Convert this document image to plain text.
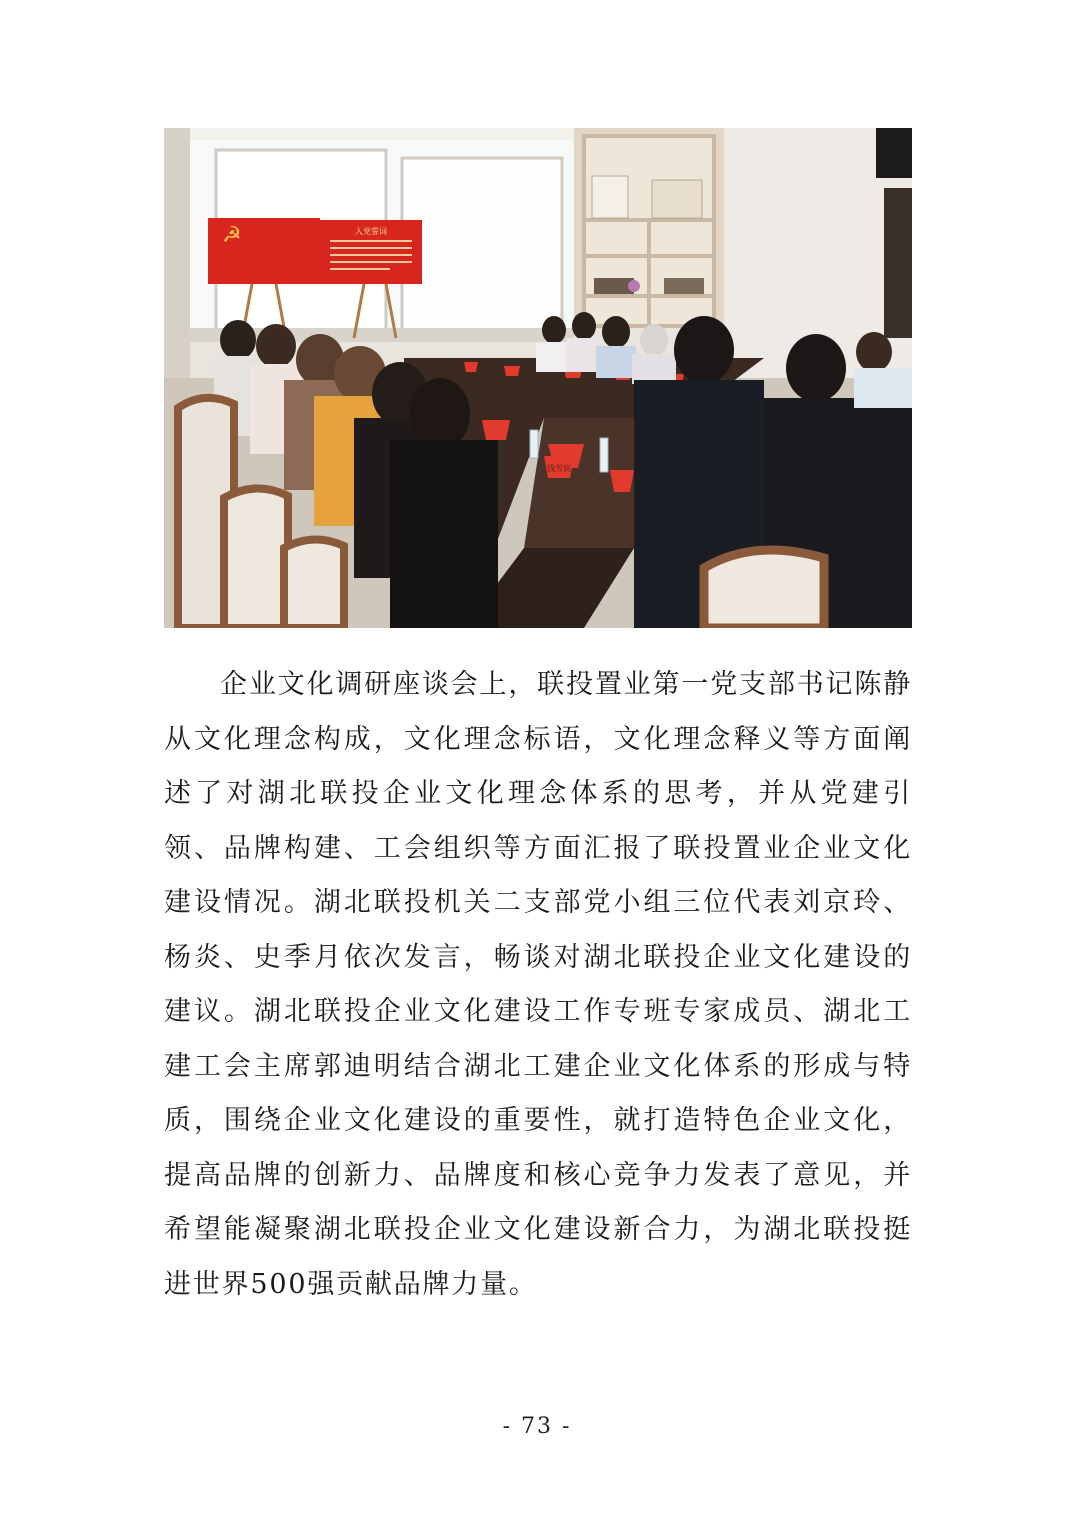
☭	入党誓词
钱雪宸

企业文化调研座谈会上，联投置业第一党支部书记陈静从文化理念构成，文化理念标语，文化理念释义等方面阐述了对湖北联投企业文化理念体系的思考，并从党建引领、品牌构建、工会组织等方面汇报了联投置业企业文化建设情况。湖北联投机关二支部党小组三位代表刘京玲、杨炎、史季月依次发言，畅谈对湖北联投企业文化建设的建议。湖北联投企业文化建设工作专班专家成员、湖北工建工会主席郭迪明结合湖北工建企业文化体系的形成与特质，围绕企业文化建设的重要性，就打造特色企业文化，提高品牌的创新力、品牌度和核心竞争力发表了意见，并希望能凝聚湖北联投企业文化建设新合力，为湖北联投挺进世界500强贡献品牌力量。

- 73 -
